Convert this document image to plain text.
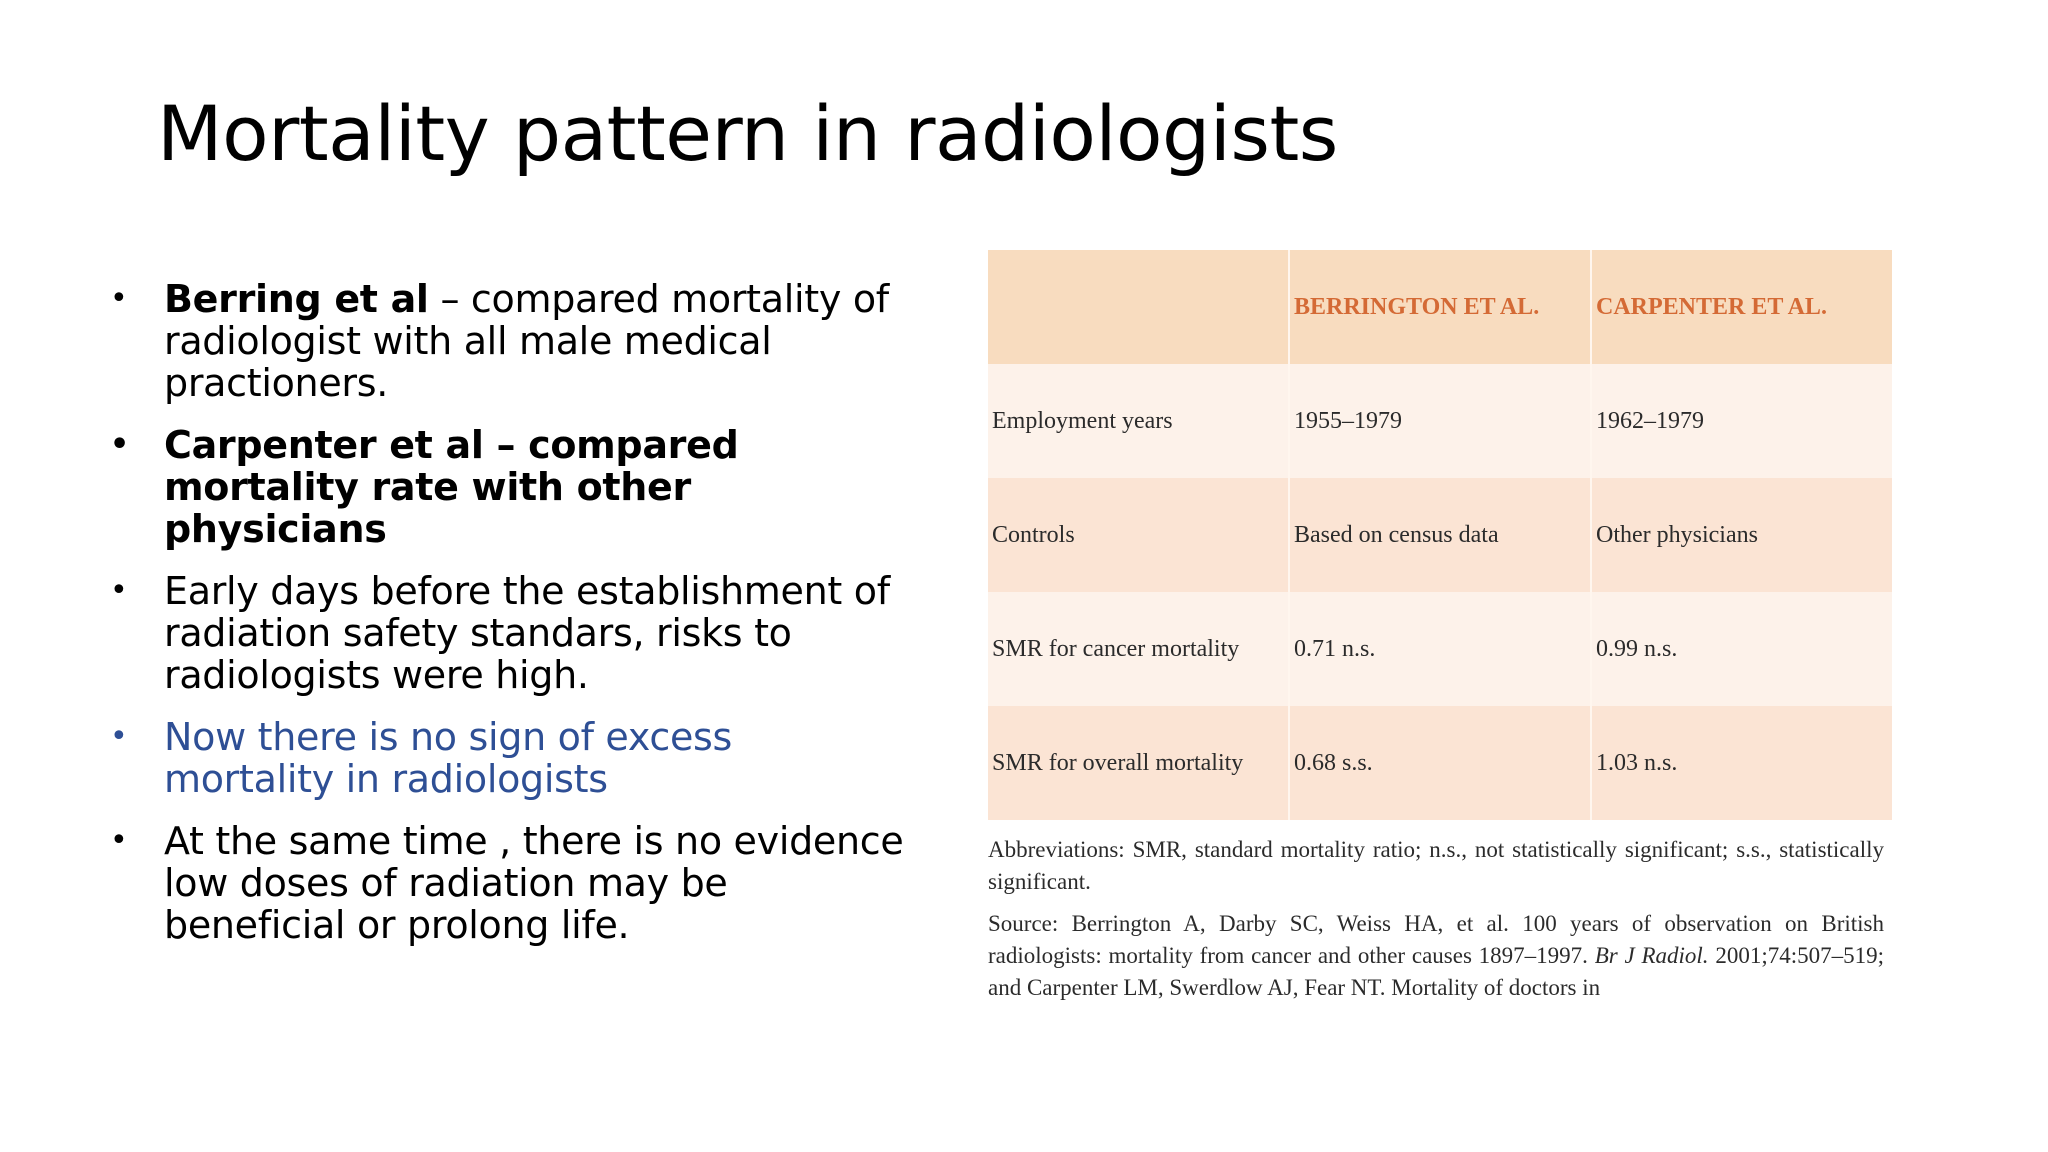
Mortality pattern in radiologists
• Berring et al – compared mortality of radiologist with all male medical practioners.
• Carpenter et al – compared mortality rate with other physicians
• Early days before the establishment of radiation safety standars, risks to radiologists were high.
• Now there is no sign of excess mortality in radiologists
• At the same time , there is no evidence low doses of radiation may be beneficial or prolong life.
	BERRINGTON ET AL.	CARPENTER ET AL.
Employment years	1955–1979	1962–1979
Controls	Based on census data	Other physicians
SMR for cancer mortality	0.71 n.s.	0.99 n.s.
SMR for overall mortality	0.68 s.s.	1.03 n.s.

Abbreviations: SMR, standard mortality ratio; n.s., not statistically significant; s.s., statistically significant.

Source: Berrington A, Darby SC, Weiss HA, et al. 100 years of observation on British radiologists: mortality from cancer and other causes 1897–1997. Br J Radiol. 2001;74:507–519; and Carpenter LM, Swerdlow AJ, Fear NT. Mortality of doctors in
